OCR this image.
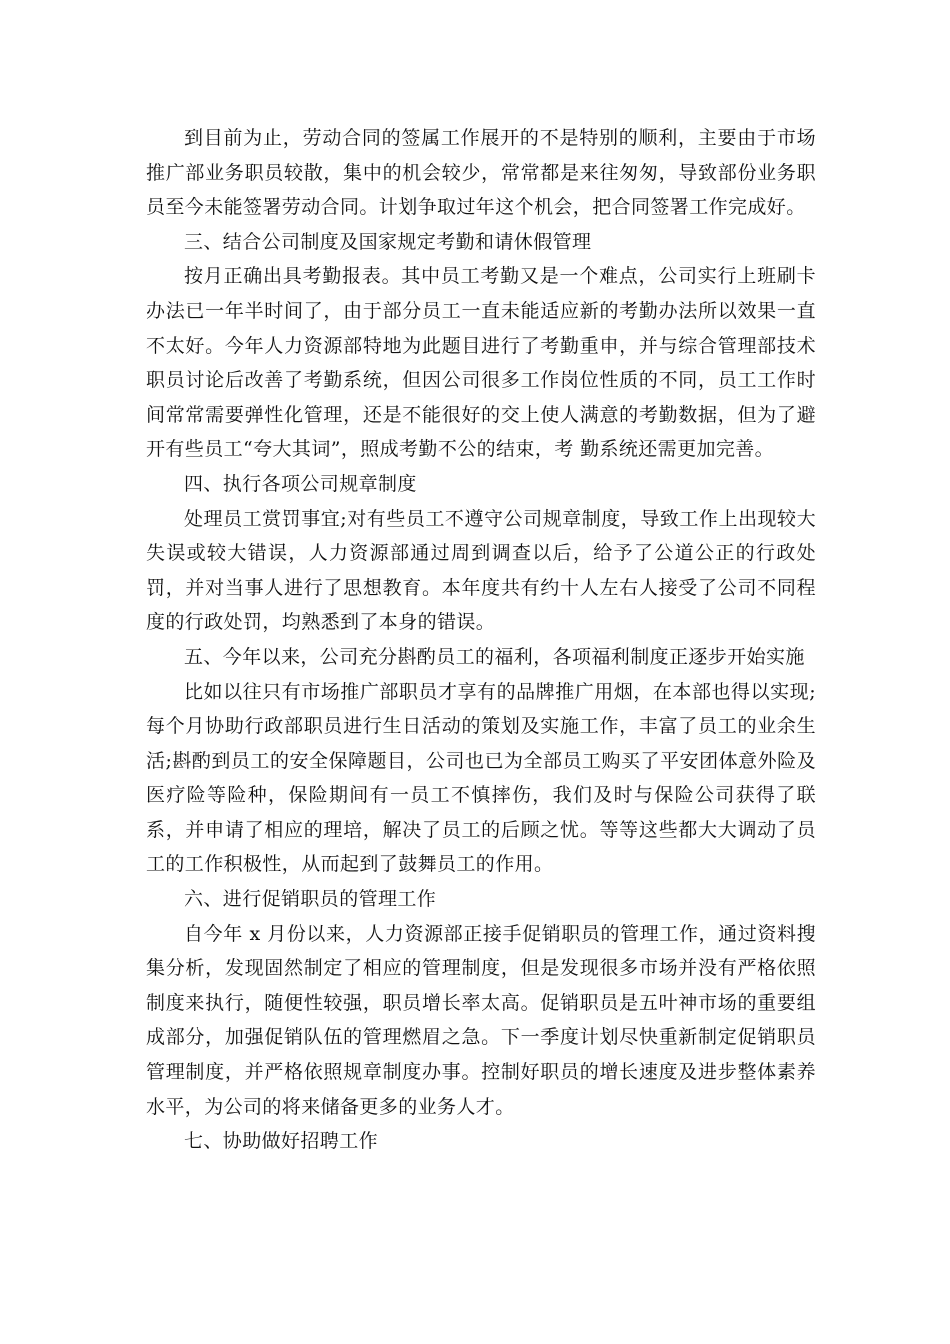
到目前为止，劳动合同的签属工作展开的不是特别的顺利，主要由于市场推广部业务职员较散，集中的机会较少，常常都是来往匆匆，导致部份业务职员至今未能签署劳动合同。计划争取过年这个机会，把合同签署工作完成好。

三、结合公司制度及国家规定考勤和请休假管理

按月正确出具考勤报表。其中员工考勤又是一个难点，公司实行上班刷卡办法已一年半时间了，由于部分员工一直未能适应新的考勤办法所以效果一直不太好。今年人力资源部特地为此题目进行了考勤重申，并与综合管理部技术职员讨论后改善了考勤系统，但因公司很多工作岗位性质的不同，员工工作时间常常需要弹性化管理，还是不能很好的交上使人满意的考勤数据，但为了避开有些员工“夸大其词”，照成考勤不公的结束，考 勤系统还需更加完善。

四、执行各项公司规章制度

处理员工赏罚事宜;对有些员工不遵守公司规章制度，导致工作上出现较大失误或较大错误，人力资源部通过周到调查以后，给予了公道公正的行政处罚，并对当事人进行了思想教育。本年度共有约十人左右人接受了公司不同程度的行政处罚，均熟悉到了本身的错误。

五、今年以来，公司充分斟酌员工的福利，各项福利制度正逐步开始实施

比如以往只有市场推广部职员才享有的品牌推广用烟，在本部也得以实现;每个月协助行政部职员进行生日活动的策划及实施工作，丰富了员工的业余生活;斟酌到员工的安全保障题目，公司也已为全部员工购买了平安团体意外险及医疗险等险种，保险期间有一员工不慎摔伤，我们及时与保险公司获得了联系，并申请了相应的理培，解决了员工的后顾之忧。等等这些都大大调动了员工的工作积极性，从而起到了鼓舞员工的作用。

六、进行促销职员的管理工作

自今年 x 月份以来，人力资源部正接手促销职员的管理工作，通过资料搜集分析，发现固然制定了相应的管理制度，但是发现很多市场并没有严格依照制度来执行，随便性较强，职员增长率太高。促销职员是五叶神市场的重要组成部分，加强促销队伍的管理燃眉之急。下一季度计划尽快重新制定促销职员管理制度，并严格依照规章制度办事。控制好职员的增长速度及进步整体素养水平，为公司的将来储备更多的业务人才。

七、协助做好招聘工作
